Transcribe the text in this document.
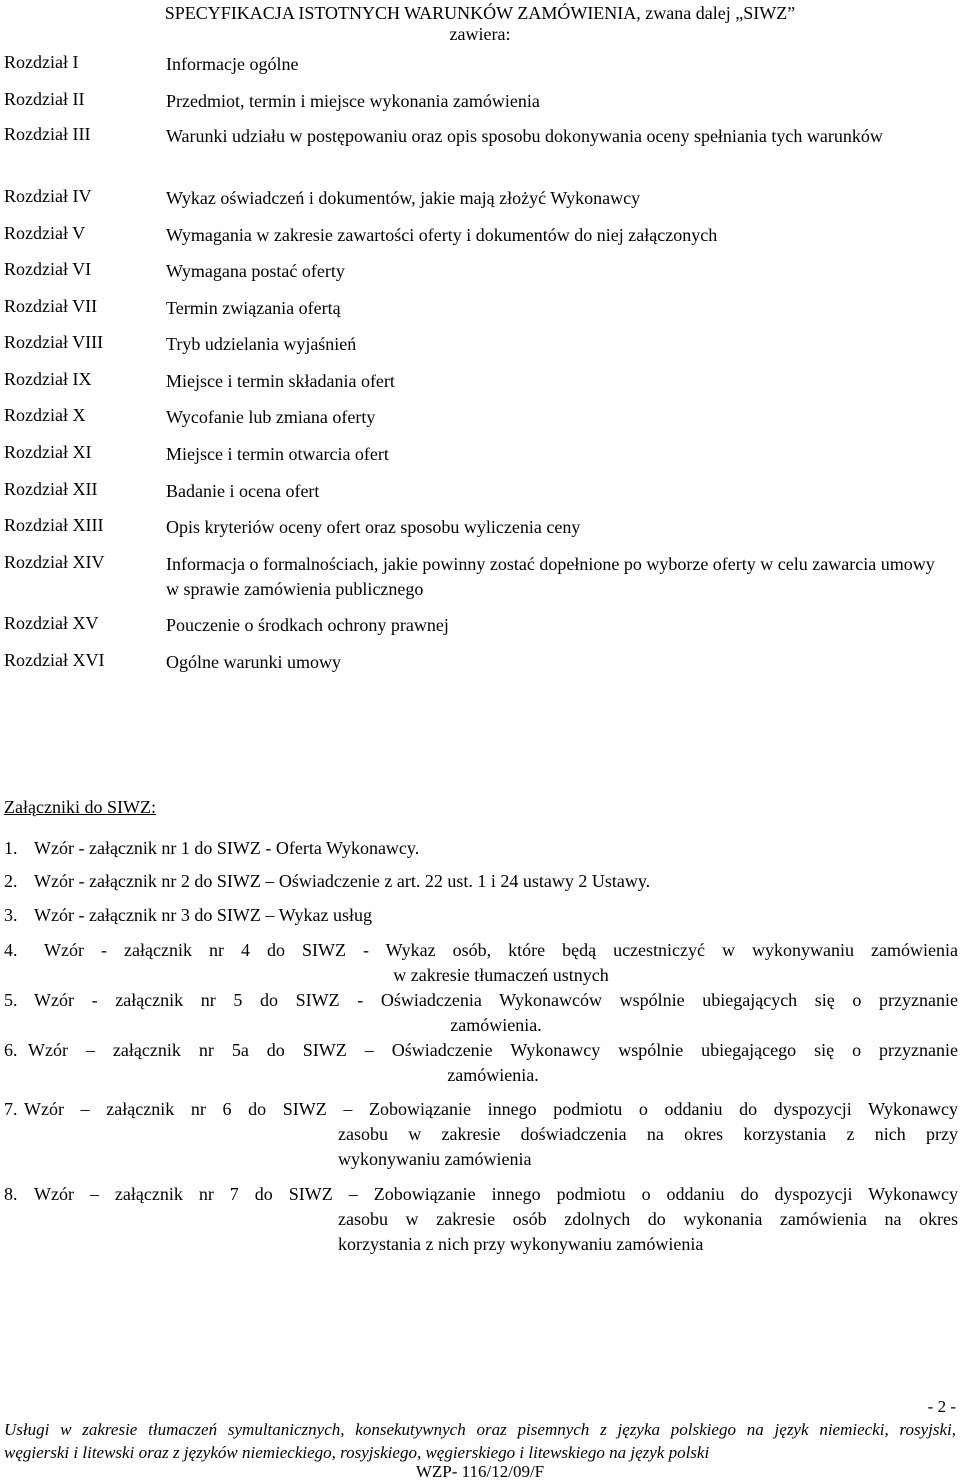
SPECYFIKACJA ISTOTNYCH WARUNKÓW ZAMÓWIENIA, zwana dalej „SIWZ”
zawiera:
Rozdział I	Informacje ogólne
Rozdział II	Przedmiot, termin i miejsce wykonania zamówienia
Rozdział III	Warunki udziału w postępowaniu oraz opis sposobu dokonywania oceny spełniania tych warunków
Rozdział IV	Wykaz oświadczeń i dokumentów, jakie mają złożyć Wykonawcy
Rozdział V	Wymagania w zakresie zawartości oferty i dokumentów do niej załączonych
Rozdział VI	Wymagana postać oferty
Rozdział VII	Termin związania ofertą
Rozdział VIII	Tryb udzielania wyjaśnień
Rozdział IX	Miejsce i termin składania ofert
Rozdział X	Wycofanie lub zmiana oferty
Rozdział XI	Miejsce i termin otwarcia ofert
Rozdział XII	Badanie i ocena ofert
Rozdział XIII	Opis kryteriów oceny ofert oraz sposobu wyliczenia ceny
Rozdział XIV	Informacja o formalnościach, jakie powinny zostać dopełnione po wyborze oferty w celu zawarcia umowy w sprawie zamówienia publicznego
Rozdział XV	Pouczenie o środkach ochrony prawnej
Rozdział XVI	Ogólne warunki umowy
Załączniki do SIWZ:
1. Wzór - załącznik nr 1 do SIWZ - Oferta Wykonawcy.
2. Wzór - załącznik nr 2 do SIWZ – Oświadczenie z art. 22 ust. 1 i 24 ustawy 2 Ustawy.
3. Wzór - załącznik nr 3 do SIWZ – Wykaz usług
4. Wzór - załącznik nr 4 do SIWZ - Wykaz osób, które będą uczestniczyć w wykonywaniu zamówienia
w zakresie tłumaczeń ustnych
5. Wzór - załącznik nr 5 do SIWZ - Oświadczenia Wykonawców wspólnie ubiegających się o przyznanie
zamówienia.
6. Wzór – załącznik nr 5a do SIWZ – Oświadczenie Wykonawcy wspólnie ubiegającego się o przyznanie
zamówienia.
7. Wzór – załącznik nr 6 do SIWZ – Zobowiązanie innego podmiotu o oddaniu do dyspozycji Wykonawcy
zasobu w zakresie doświadczenia na okres korzystania z nich przy
wykonywaniu zamówienia
8. Wzór – załącznik nr 7 do SIWZ – Zobowiązanie innego podmiotu o oddaniu do dyspozycji Wykonawcy
zasobu w zakresie osób zdolnych do wykonania zamówienia na okres
korzystania z nich przy wykonywaniu zamówienia
- 2 -
Usługi w zakresie tłumaczeń symultanicznych, konsekutywnych oraz pisemnych z języka polskiego na język niemiecki, rosyjski,
węgierski i litewski oraz z języków niemieckiego, rosyjskiego, węgierskiego i litewskiego na język polski
WZP- 116/12/09/F
